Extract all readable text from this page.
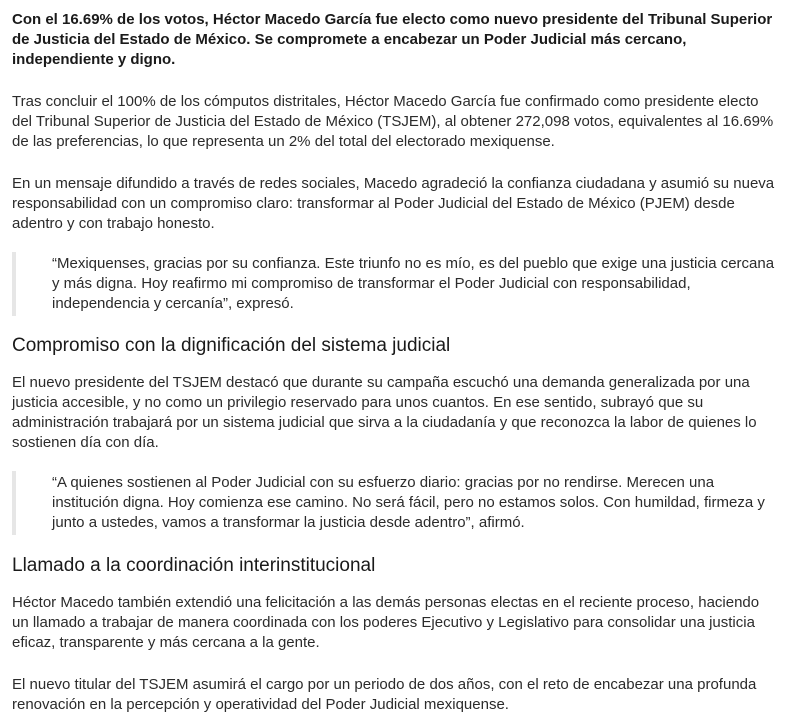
Con el 16.69% de los votos, Héctor Macedo García fue electo como nuevo presidente del Tribunal Superior de Justicia del Estado de México. Se compromete a encabezar un Poder Judicial más cercano, independiente y digno.

Tras concluir el 100% de los cómputos distritales, Héctor Macedo García fue confirmado como presidente electo del Tribunal Superior de Justicia del Estado de México (TSJEM), al obtener 272,098 votos, equivalentes al 16.69% de las preferencias, lo que representa un 2% del total del electorado mexiquense.

En un mensaje difundido a través de redes sociales, Macedo agradeció la confianza ciudadana y asumió su nueva responsabilidad con un compromiso claro: transformar al Poder Judicial del Estado de México (PJEM) desde adentro y con trabajo honesto.

“Mexiquenses, gracias por su confianza. Este triunfo no es mío, es del pueblo que exige una justicia cercana y más digna. Hoy reafirmo mi compromiso de transformar el Poder Judicial con responsabilidad, independencia y cercanía”, expresó.
Compromiso con la dignificación del sistema judicial

El nuevo presidente del TSJEM destacó que durante su campaña escuchó una demanda generalizada por una justicia accesible, y no como un privilegio reservado para unos cuantos. En ese sentido, subrayó que su administración trabajará por un sistema judicial que sirva a la ciudadanía y que reconozca la labor de quienes lo sostienen día con día.

“A quienes sostienen al Poder Judicial con su esfuerzo diario: gracias por no rendirse. Merecen una institución digna. Hoy comienza ese camino. No será fácil, pero no estamos solos. Con humildad, firmeza y junto a ustedes, vamos a transformar la justicia desde adentro”, afirmó.
Llamado a la coordinación interinstitucional

Héctor Macedo también extendió una felicitación a las demás personas electas en el reciente proceso, haciendo un llamado a trabajar de manera coordinada con los poderes Ejecutivo y Legislativo para consolidar una justicia eficaz, transparente y más cercana a la gente.

El nuevo titular del TSJEM asumirá el cargo por un periodo de dos años, con el reto de encabezar una profunda renovación en la percepción y operatividad del Poder Judicial mexiquense.
